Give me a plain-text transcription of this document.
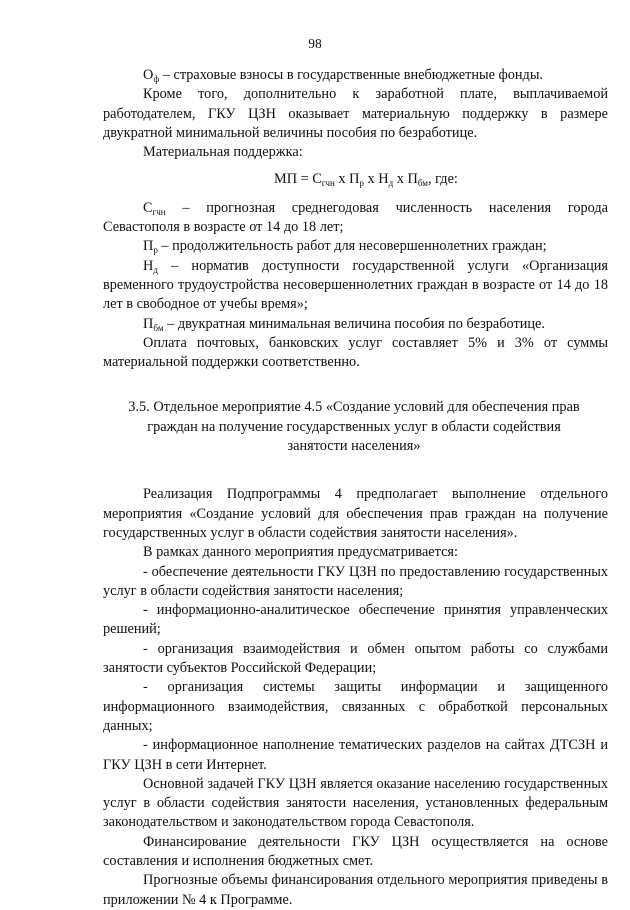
98

$О_ф$ – страховые взносы в государственные внебюджетные фонды.

Кроме того, дополнительно к заработной плате, выплачиваемой работодателем, ГКУ ЦЗН оказывает материальную поддержку в размере двукратной минимальной величины пособия по безработице.

Материальная поддержка:

МП = $С_{гчн}$ х $П_р$ х $Н_д$ х $П_{бм}$, где:

$С_{гчн}$ – прогнозная среднегодовая численность населения города Севастополя в возрасте от 14 до 18 лет;

$П_р$ – продолжительность работ для несовершеннолетних граждан;

$Н_д$ – норматив доступности государственной услуги «Организация временного трудоустройства несовершеннолетних граждан в возрасте от 14 до 18 лет в свободное от учебы время»;

$П_{бм}$ – двукратная минимальная величина пособия по безработице.

Оплата почтовых, банковских услуг составляет 5% и 3% от суммы материальной поддержки соответственно.

3.5. Отдельное мероприятие 4.5 «Создание условий для обеспечения прав
граждан на получение государственных услуг в области содействия
занятости населения»

Реализация Подпрограммы 4 предполагает выполнение отдельного мероприятия «Создание условий для обеспечения прав граждан на получение государственных услуг в области содействия занятости населения».

В рамках данного мероприятия предусматривается:

- обеспечение деятельности ГКУ ЦЗН по предоставлению государственных услуг в области содействия занятости населения;

- информационно-аналитическое обеспечение принятия управленческих решений;

- организация взаимодействия и обмен опытом работы со службами занятости субъектов Российской Федерации;

- организация системы защиты информации и защищенного информационного взаимодействия, связанных с обработкой персональных данных;

- информационное наполнение тематических разделов на сайтах ДТСЗН и ГКУ ЦЗН в сети Интернет.

Основной задачей ГКУ ЦЗН является оказание населению государственных услуг в области содействия занятости населения, установленных федеральным законодательством и законодательством города Севастополя.

Финансирование деятельности ГКУ ЦЗН осуществляется на основе составления и исполнения бюджетных смет.

Прогнозные объемы финансирования отдельного мероприятия приведены в приложении № 4 к Программе.
